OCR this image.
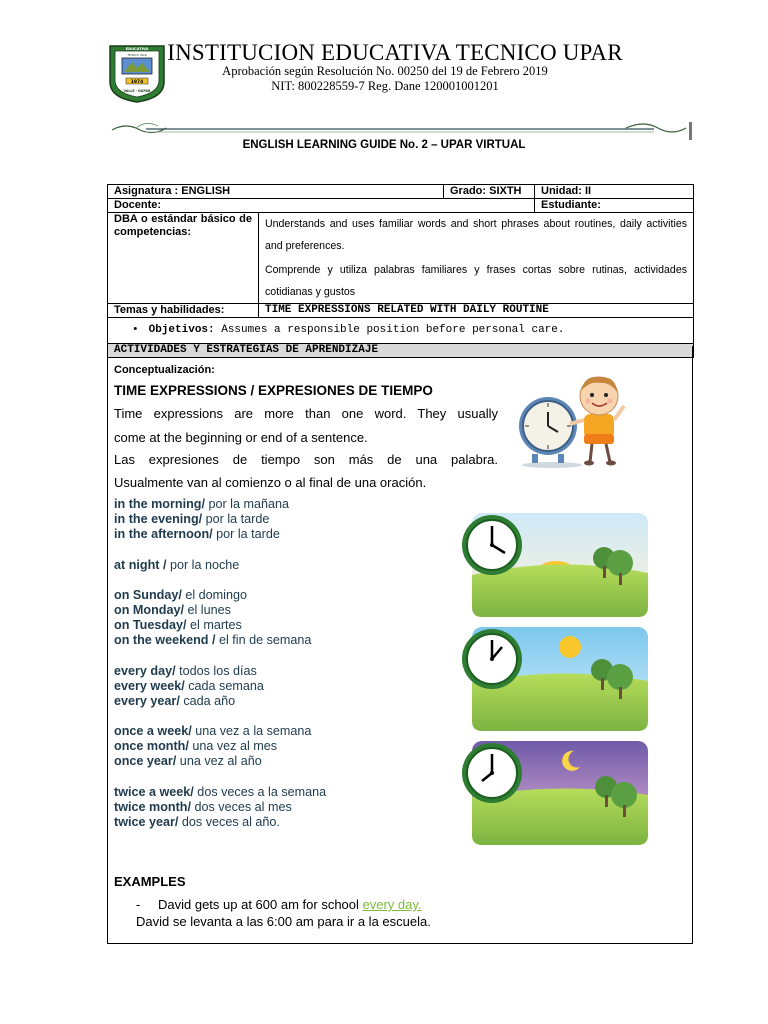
1974
EDUCATIVA
VALLE - DUPAR
TECNICO UPAR INSTITUCION EDUCATIVA TECNICO UPAR
Aprobación según Resolución No. 00250 del 19 de Febrero 2019
NIT: 800228559-7 Reg. Dane 120001001201
ENGLISH LEARNING GUIDE No. 2 – UPAR VIRTUAL
Asignatura : ENGLISH		Grado: SIXTH	Unidad: II
Docente:			Estudiante:
DBA o estándar básico de competencias:	Understands and uses familiar words and short phrases about routines, daily activities and preferences.
Comprende y utiliza palabras familiares y frases cortas sobre rutinas, actividades cotidianas y gustos		

Temas y habilidades:	TIME EXPRESSIONS RELATED WITH DAILY ROUTINE		
• Objetivos: Assumes a responsible position before personal care.			
ACTIVIDADES Y ESTRATEGIAS DE APRENDIZAJE			
Conceptualización:
TIME EXPRESSIONS / EXPRESIONES DE TIEMPO
Time expressions are more than one word. They usually
come at the beginning or end of a sentence.
Las expresiones de tiempo son más de una palabra.
Usualmente van al comienzo o al final de una oración.
in the morning/ por la mañana
in the evening/ por la tarde
in the afternoon/ por la tarde
at night / por la noche
on Sunday/ el domingo
on Monday/ el lunes
on Tuesday/ el martes
on the weekend / el fin de semana
every day/ todos los días
every week/ cada semana
every year/ cada año
once a week/ una vez a la semana
once month/ una vez al mes
once year/ una vez al año
twice a week/ dos veces a la semana
twice month/ dos veces al mes
twice year/ dos veces al año.
EXAMPLES
- David gets up at 600 am for school every day.
David se levanta a las 6:00 am para ir a la escuela.
